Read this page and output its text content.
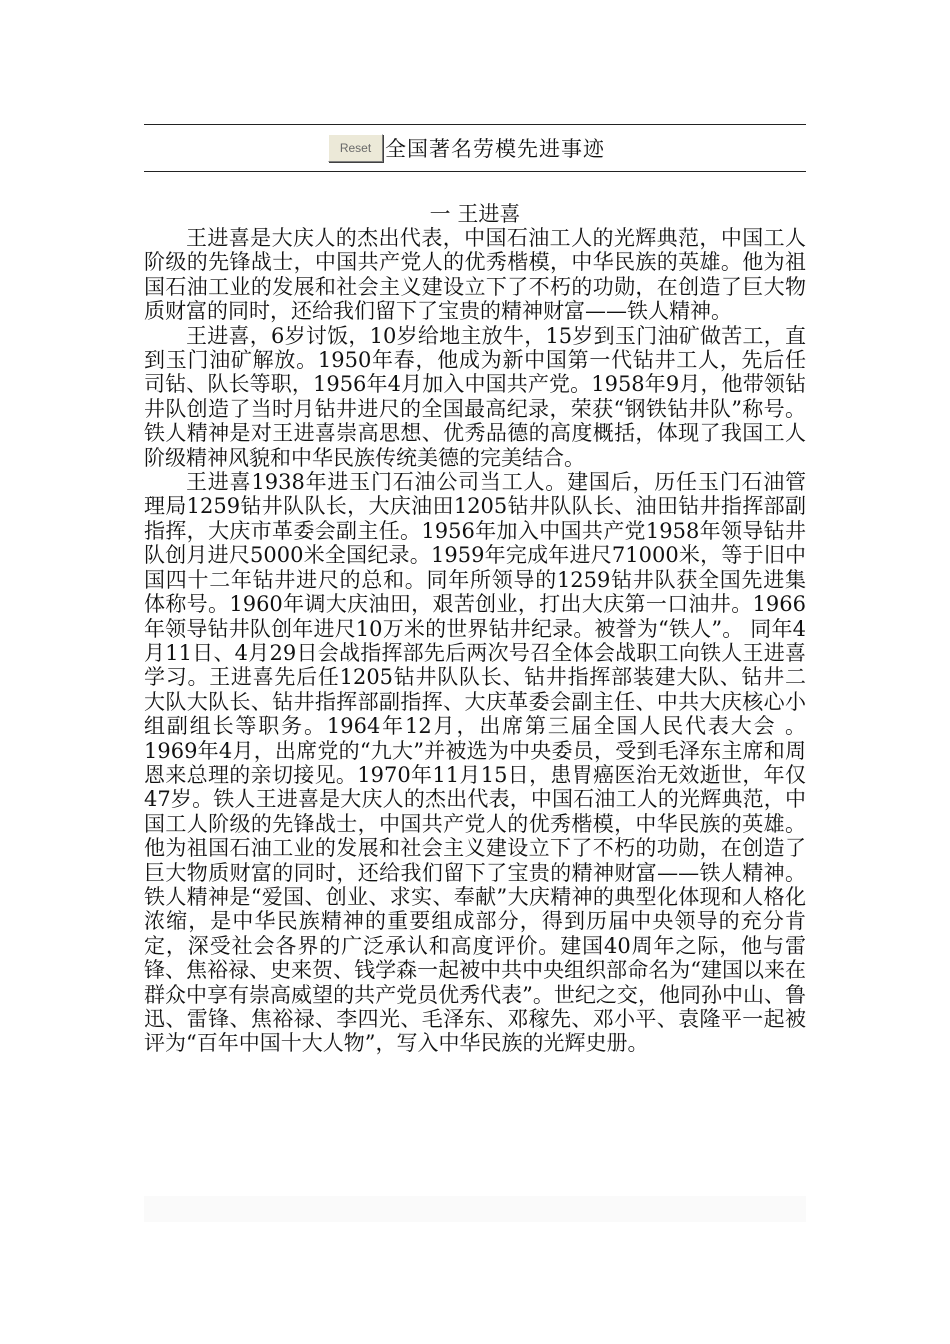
Reset 全国著名劳模先进事迹
一 王进喜

王进喜是大庆人的杰出代表，中国石油工人的光辉典范，中国工人阶级的先锋战士，中国共产党人的优秀楷模，中华民族的英雄。他为祖国石油工业的发展和社会主义建设立下了不朽的功勋，在创造了巨大物质财富的同时，还给我们留下了宝贵的精神财富——铁人精神。

王进喜，6岁讨饭，10岁给地主放牛，15岁到玉门油矿做苦工，直到玉门油矿解放。1950年春，他成为新中国第一代钻井工人，先后任司钻、队长等职，1956年4月加入中国共产党。1958年9月，他带领钻井队创造了当时月钻井进尺的全国最高纪录，荣获“钢铁钻井队”称号。铁人精神是对王进喜崇高思想、优秀品德的高度概括，体现了我国工人阶级精神风貌和中华民族传统美德的完美结合。

王进喜1938年进玉门石油公司当工人。建国后，历任玉门石油管理局1259钻井队队长，大庆油田1205钻井队队长、油田钻井指挥部副指挥，大庆市革委会副主任。1956年加入中国共产党1958年领导钻井队创月进尺5000米全国纪录。1959年完成年进尺71000米，等于旧中国四十二年钻井进尺的总和。同年所领导的1259钻井队获全国先进集体称号。1960年调大庆油田，艰苦创业，打出大庆第一口油井。1966年领导钻井队创年进尺10万米的世界钻井纪录。被誉为“铁人”。 同年4月11日、4月29日会战指挥部先后两次号召全体会战职工向铁人王进喜学习。王进喜先后任1205钻井队队长、钻井指挥部装建大队、钻井二大队大队长、钻井指挥部副指挥、大庆革委会副主任、中共大庆核心小组副组长等职务。1964年12月，出席第三届全国人民代表大会 。1969年4月，出席党的“九大”并被选为中央委员，受到毛泽东主席和周恩来总理的亲切接见。1970年11月15日，患胃癌医治无效逝世，年仅47岁。铁人王进喜是大庆人的杰出代表，中国石油工人的光辉典范，中国工人阶级的先锋战士，中国共产党人的优秀楷模，中华民族的英雄。他为祖国石油工业的发展和社会主义建设立下了不朽的功勋，在创造了巨大物质财富的同时，还给我们留下了宝贵的精神财富——铁人精神。铁人精神是“爱国、创业、求实、奉献”大庆精神的典型化体现和人格化浓缩，是中华民族精神的重要组成部分，得到历届中央领导的充分肯定，深受社会各界的广泛承认和高度评价。建国40周年之际，他与雷锋、焦裕禄、史来贺、钱学森一起被中共中央组织部命名为“建国以来在群众中享有崇高威望的共产党员优秀代表”。世纪之交，他同孙中山、鲁迅、雷锋、焦裕禄、李四光、毛泽东、邓稼先、邓小平、袁隆平一起被评为“百年中国十大人物”，写入中华民族的光辉史册。
